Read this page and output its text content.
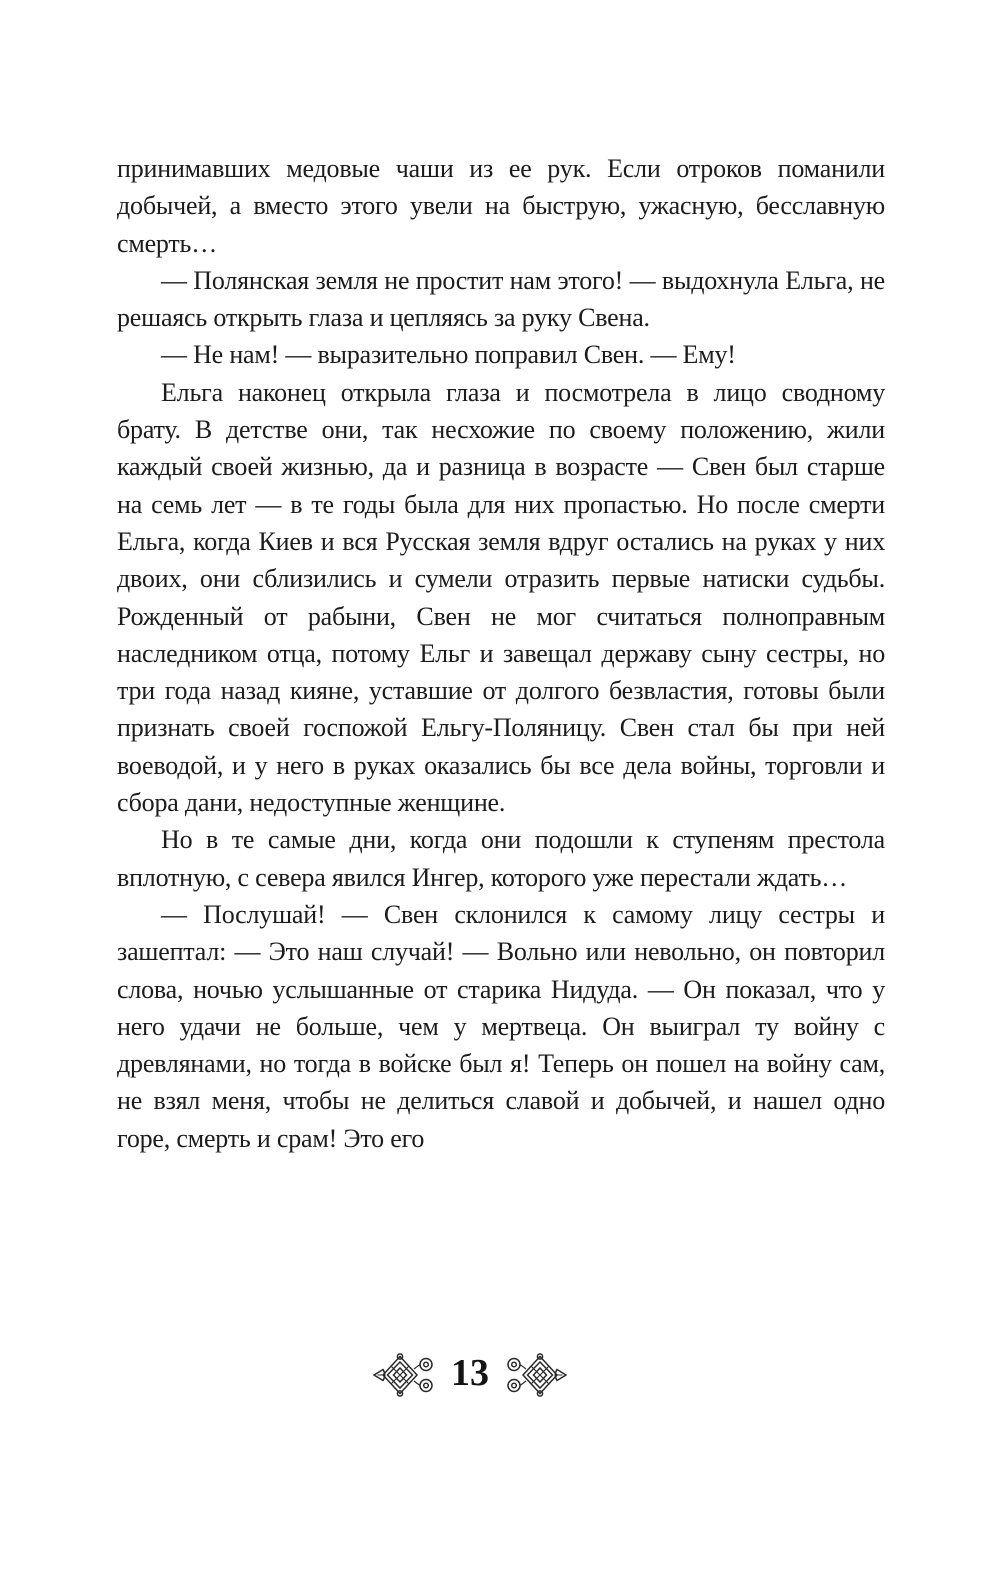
принимавших медовые чаши из ее рук. Если отроков поманили добычей, а вместо этого увели на быструю, ужасную, бесславную смерть…

— Полянская земля не простит нам этого! — выдохнула Ельга, не решаясь открыть глаза и цепляясь за руку Свена.

— Не нам! — выразительно поправил Свен. — Ему!

Ельга наконец открыла глаза и посмотрела в лицо сводному брату. В детстве они, так несхожие по своему положению, жили каждый своей жизнью, да и разница в возрасте — Свен был старше на семь лет — в те годы была для них пропастью. Но после смерти Ельга, когда Киев и вся Русская земля вдруг остались на руках у них двоих, они сблизились и сумели отразить первые натиски судьбы. Рожденный от рабыни, Свен не мог считаться полноправным наследником отца, потому Ельг и завещал державу сыну сестры, но три года назад кияне, уставшие от долгого безвластия, готовы были признать своей госпожой Ельгу-Поляницу. Свен стал бы при ней воеводой, и у него в руках оказались бы все дела войны, торговли и сбора дани, недоступные женщине.

Но в те самые дни, когда они подошли к ступеням престола вплотную, с севера явился Ингер, которого уже перестали ждать…

— Послушай! — Свен склонился к самому лицу сестры и зашептал: — Это наш случай! — Вольно или невольно, он повторил слова, ночью услышанные от старика Нидуда. — Он показал, что у него удачи не больше, чем у мертвеца. Он выиграл ту войну с древлянами, но тогда в войске был я! Теперь он пошел на войну сам, не взял меня, чтобы не делиться славой и добычей, и нашел одно горе, смерть и срам! Это его

13
